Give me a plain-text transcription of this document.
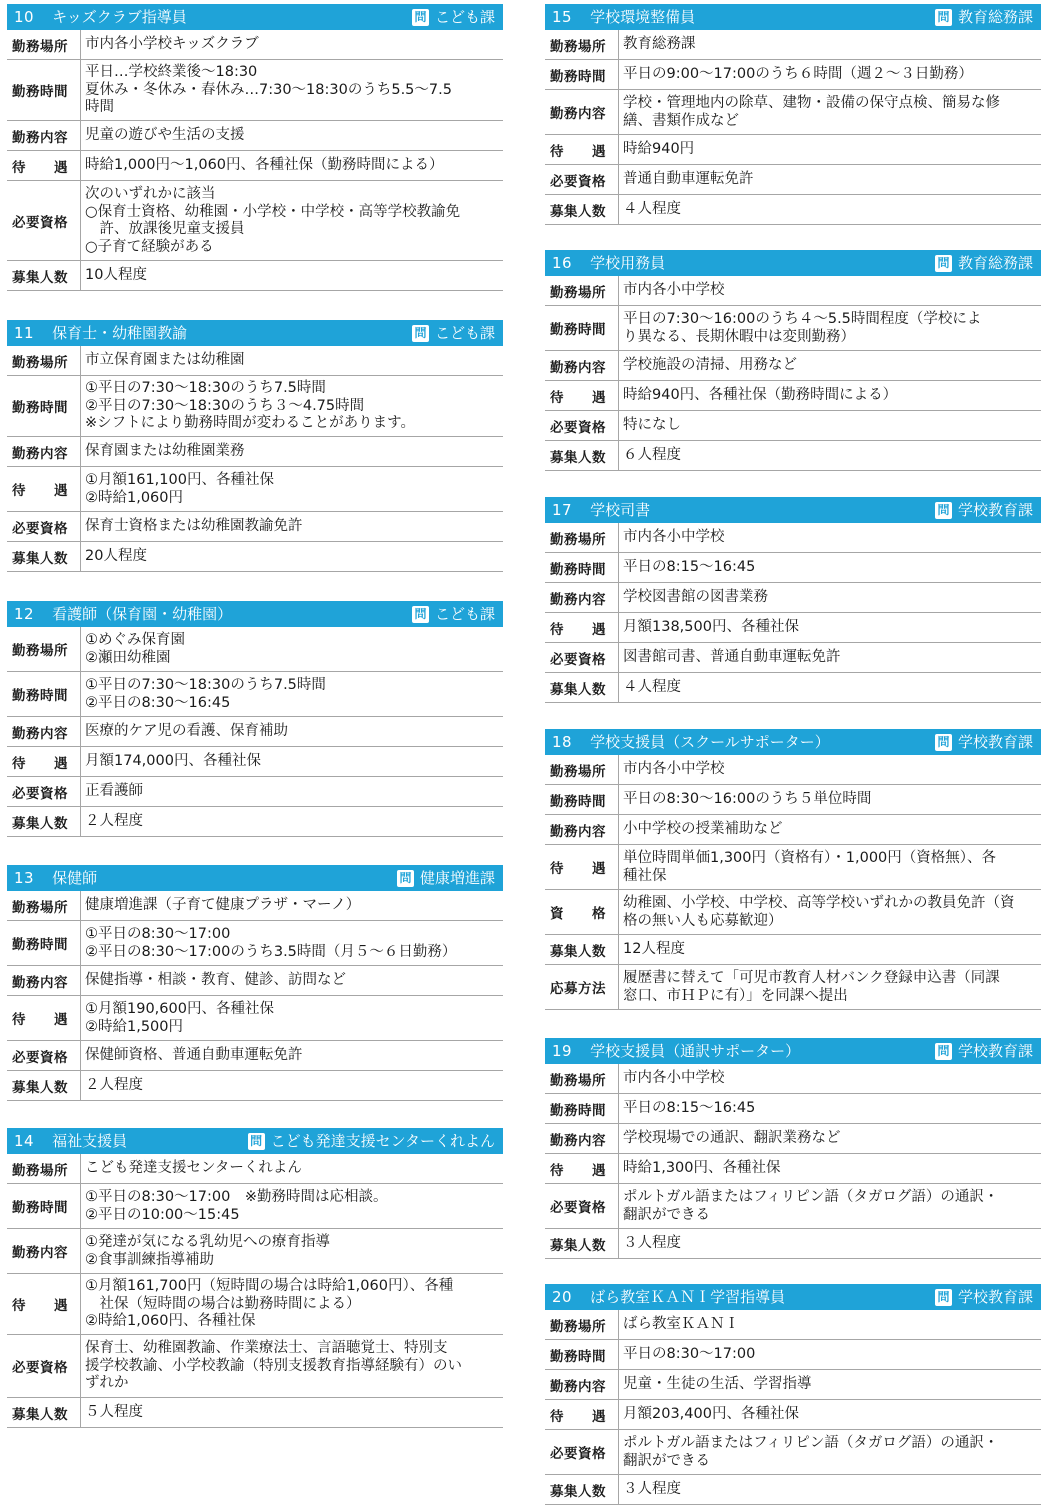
10 キッズクラブ指導員	問 こども課
勤務場所	市内各小学校キッズクラブ
勤務時間
平日…学校終業後～18:30
夏休み・冬休み・春休み…7:30～18:30のうち5.5～7.5
時間
勤務内容	児童の遊びや生活の支援
待　　遇	時給1,000円～1,060円、各種社保（勤務時間による）
必要資格
次のいずれかに該当
○保育士資格、幼稚園・小学校・中学校・高等学校教諭免
　許、放課後児童支援員
○子育て経験がある
募集人数	10人程度
11 保育士・幼稚園教諭	問 こども課
勤務場所	市立保育園または幼稚園
勤務時間
①平日の7:30～18:30のうち7.5時間
②平日の7:30～18:30のうち３～4.75時間
※シフトにより勤務時間が変わることがあります。
勤務内容	保育園または幼稚園業務
待　　遇
①月額161,100円、各種社保
②時給1,060円
必要資格	保育士資格または幼稚園教諭免許
募集人数	20人程度
12 看護師（保育園・幼稚園）	問 こども課
勤務場所
①めぐみ保育園
②瀬田幼稚園
勤務時間
①平日の7:30～18:30のうち7.5時間
②平日の8:30～16:45
勤務内容	医療的ケア児の看護、保育補助
待　　遇	月額174,000円、各種社保
必要資格	正看護師
募集人数	２人程度
13 保健師	問 健康増進課
勤務場所	健康増進課（子育て健康プラザ・マーノ）
勤務時間
①平日の8:30～17:00
②平日の8:30～17:00のうち3.5時間（月５～６日勤務）
勤務内容	保健指導・相談・教育、健診、訪問など
待　　遇
①月額190,600円、各種社保
②時給1,500円
必要資格	保健師資格、普通自動車運転免許
募集人数	２人程度
14 福祉支援員	問 こども発達支援センターくれよん
勤務場所	こども発達支援センターくれよん
勤務時間
①平日の8:30～17:00　※勤務時間は応相談。
②平日の10:00～15:45
勤務内容
①発達が気になる乳幼児への療育指導
②食事訓練指導補助
待　　遇
①月額161,700円（短時間の場合は時給1,060円）、各種
　社保（短時間の場合は勤務時間による）
②時給1,060円、各種社保
必要資格
保育士、幼稚園教諭、作業療法士、言語聴覚士、特別支
援学校教諭、小学校教諭（特別支援教育指導経験有）のい
ずれか
募集人数	５人程度
15 学校環境整備員	問 教育総務課
勤務場所	教育総務課
勤務時間	平日の9:00～17:00のうち６時間（週２～３日勤務）
勤務内容
学校・管理地内の除草、建物・設備の保守点検、簡易な修
繕、書類作成など
待　　遇	時給940円
必要資格	普通自動車運転免許
募集人数	４人程度
16 学校用務員	問 教育総務課
勤務場所	市内各小中学校
勤務時間
平日の7:30～16:00のうち４～5.5時間程度（学校によ
り異なる、長期休暇中は変則勤務）
勤務内容	学校施設の清掃、用務など
待　　遇	時給940円、各種社保（勤務時間による）
必要資格	特になし
募集人数	６人程度
17 学校司書	問 学校教育課
勤務場所	市内各小中学校
勤務時間	平日の8:15～16:45
勤務内容	学校図書館の図書業務
待　　遇	月額138,500円、各種社保
必要資格	図書館司書、普通自動車運転免許
募集人数	４人程度
18 学校支援員（スクールサポーター）	問 学校教育課
勤務場所	市内各小中学校
勤務時間	平日の8:30～16:00のうち５単位時間
勤務内容	小中学校の授業補助など
待　　遇
単位時間単価1,300円（資格有）・1,000円（資格無）、各
種社保
資　　格
幼稚園、小学校、中学校、高等学校いずれかの教員免許（資
格の無い人も応募歓迎）
募集人数	12人程度
応募方法
履歴書に替えて「可児市教育人材バンク登録申込書（同課
窓口、市ＨＰに有）」を同課へ提出
19 学校支援員（通訳サポーター）	問 学校教育課
勤務場所	市内各小中学校
勤務時間	平日の8:15～16:45
勤務内容	学校現場での通訳、翻訳業務など
待　　遇	時給1,300円、各種社保
必要資格
ポルトガル語またはフィリピン語（タガログ語）の通訳・
翻訳ができる
募集人数	３人程度
20 ばら教室ＫＡＮＩ学習指導員	問 学校教育課
勤務場所	ばら教室ＫＡＮＩ
勤務時間	平日の8:30～17:00
勤務内容	児童・生徒の生活、学習指導
待　　遇	月額203,400円、各種社保
必要資格
ポルトガル語またはフィリピン語（タガログ語）の通訳・
翻訳ができる
募集人数	３人程度
